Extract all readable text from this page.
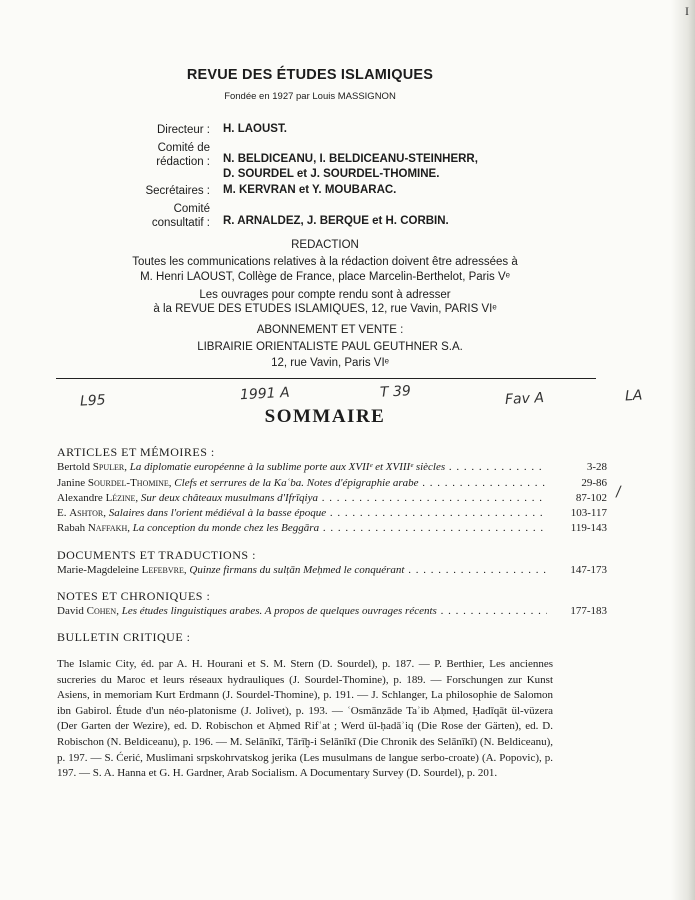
I
REVUE DES ÉTUDES ISLAMIQUES
Fondée en 1927 par Louis MASSIGNON
Directeur : H. LAOUST.
Comité de
rédaction : N. BELDICEANU, I. BELDICEANU-STEINHERR,
D. SOURDEL et J. SOURDEL-THOMINE.
Secrétaires : M. KERVRAN et Y. MOUBARAC.
Comité
consultatif : R. ARNALDEZ, J. BERQUE et H. CORBIN.
REDACTION
Toutes les communications relatives à la rédaction doivent être adressées à
M. Henri LAOUST, Collège de France, place Marcelin-Berthelot, Paris Vᵉ
Les ouvrages pour compte rendu sont à adresser
à la REVUE DES ETUDES ISLAMIQUES, 12, rue Vavin, PARIS VIᵉ
ABONNEMENT ET VENTE :
LIBRAIRIE ORIENTALISTE PAUL GEUTHNER S.A.
12, rue Vavin, Paris VIᵉ
L95	1991 A	T 39	Fav A	LA
/
SOMMAIRE
ARTICLES ET MÉMOIRES :
Bertold Spuler, La diplomatie européenne à la sublime porte aux XVIIᵉ et XVIIIᵉ siècles . . .	3-28
Janine Sourdel-Thomine, Clefs et serrures de la Kaʿba. Notes d'épigraphie arabe . . .	29-86
Alexandre Lézine, Sur deux châteaux musulmans d'Ifrīqiya . . .	87-102
E. Ashtor, Salaires dans l'orient médiéval à la basse époque . . .	103-117
Rabah Naffakh, La conception du monde chez les Beggāra . . .	119-143
DOCUMENTS ET TRADUCTIONS :
Marie-Magdeleine Lefebvre, Quinze firmans du sulṭān Meḥmed le conquérant . . .	147-173
NOTES ET CHRONIQUES :
David Cohen, Les études linguistiques arabes. A propos de quelques ouvrages récents . . .	177-183
BULLETIN CRITIQUE :
The Islamic City, éd. par A. H. Hourani et S. M. Stern (D. Sourdel), p. 187. — P. Berthier, Les anciennes sucreries du Maroc et leurs réseaux hydrauliques (J. Sourdel-Thomine), p. 189. — Forschungen zur Kunst Asiens, in memoriam Kurt Erdmann (J. Sourdel-Thomine), p. 191. — J. Schlanger, La philosophie de Salomon ibn Gabirol. Étude d'un néo-platonisme (J. Jolivet), p. 193. — ʿOsmānzāde Taʾib Aḥmed, Ḥadīqāt ül-vüzera (Der Garten der Wezire), ed. D. Robischon et Aḥmed Rifʿat ; Werd ül-ḥadāʾiq (Die Rose der Gärten), ed. D. Robischon (N. Beldiceanu), p. 196. — M. Selānīkī, Tārīḫ-i Selānīkī (Die Chronik des Selānīkī) (N. Beldiceanu), p. 197. — S. Ćerić, Muslimani srpskohrvatskog jerika (Les musulmans de langue serbo-croate) (A. Popovic), p. 197. — S. A. Hanna et G. H. Gardner, Arab Socialism. A Documentary Survey (D. Sourdel), p. 201.
